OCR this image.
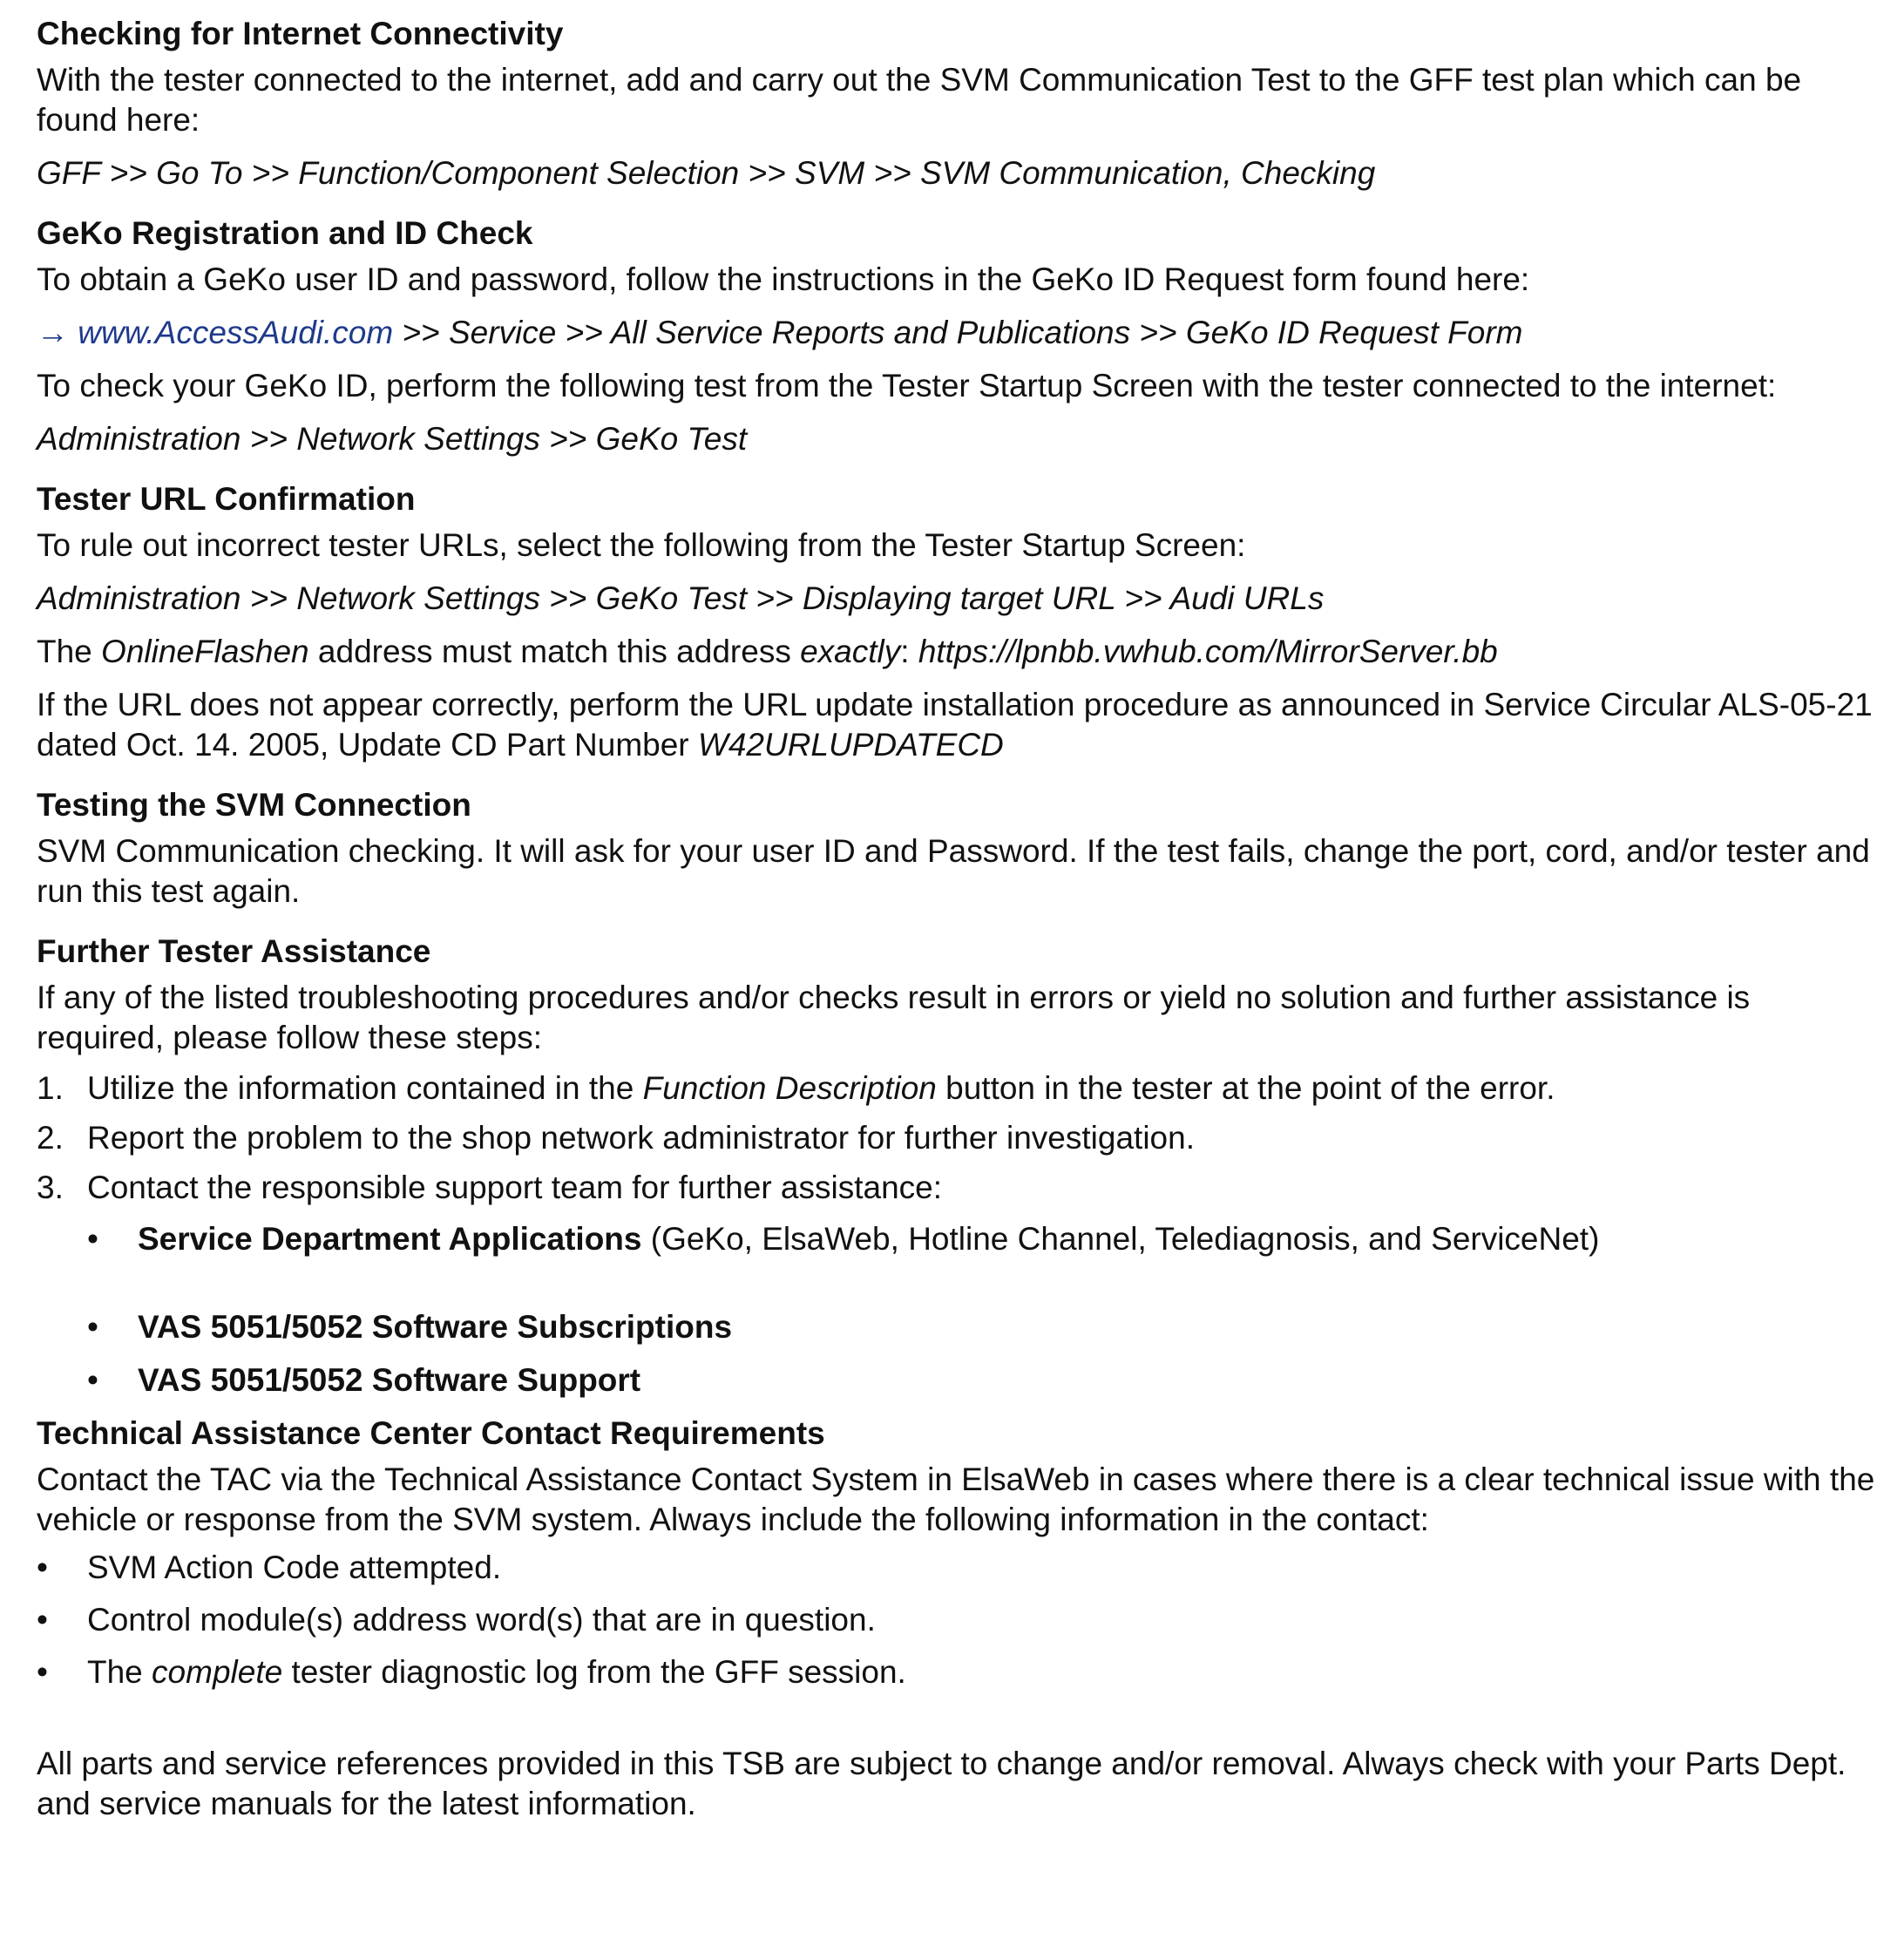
Checking for Internet Connectivity
With the tester connected to the internet, add and carry out the SVM Communication Test to the GFF test plan which can be found here:
GFF >> Go To >> Function/Component Selection >> SVM >> SVM Communication, Checking
GeKo Registration and ID Check
To obtain a GeKo user ID and password, follow the instructions in the GeKo ID Request form found here:
→ www.AccessAudi.com >> Service >> All Service Reports and Publications >> GeKo ID Request Form
To check your GeKo ID, perform the following test from the Tester Startup Screen with the tester connected to the internet:
Administration >> Network Settings >> GeKo Test
Tester URL Confirmation
To rule out incorrect tester URLs, select the following from the Tester Startup Screen:
Administration >> Network Settings >> GeKo Test >> Displaying target URL >> Audi URLs
The OnlineFlashen address must match this address exactly: https://lpnbb.vwhub.com/MirrorServer.bb
If the URL does not appear correctly, perform the URL update installation procedure as announced in Service Circular ALS-05-21 dated Oct. 14. 2005, Update CD Part Number W42URLUPDATECD
Testing the SVM Connection
SVM Communication checking. It will ask for your user ID and Password. If the test fails, change the port, cord, and/or tester and run this test again.
Further Tester Assistance
If any of the listed troubleshooting procedures and/or checks result in errors or yield no solution and further assistance is required, please follow these steps:
1. Utilize the information contained in the Function Description button in the tester at the point of the error.
2. Report the problem to the shop network administrator for further investigation.
3. Contact the responsible support team for further assistance:
• Service Department Applications (GeKo, ElsaWeb, Hotline Channel, Telediagnosis, and ServiceNet)
• VAS 5051/5052 Software Subscriptions
• VAS 5051/5052 Software Support
Technical Assistance Center Contact Requirements
Contact the TAC via the Technical Assistance Contact System in ElsaWeb in cases where there is a clear technical issue with the vehicle or response from the SVM system. Always include the following information in the contact:
• SVM Action Code attempted.
• Control module(s) address word(s) that are in question.
• The complete tester diagnostic log from the GFF session.
All parts and service references provided in this TSB are subject to change and/or removal. Always check with your Parts Dept. and service manuals for the latest information.
